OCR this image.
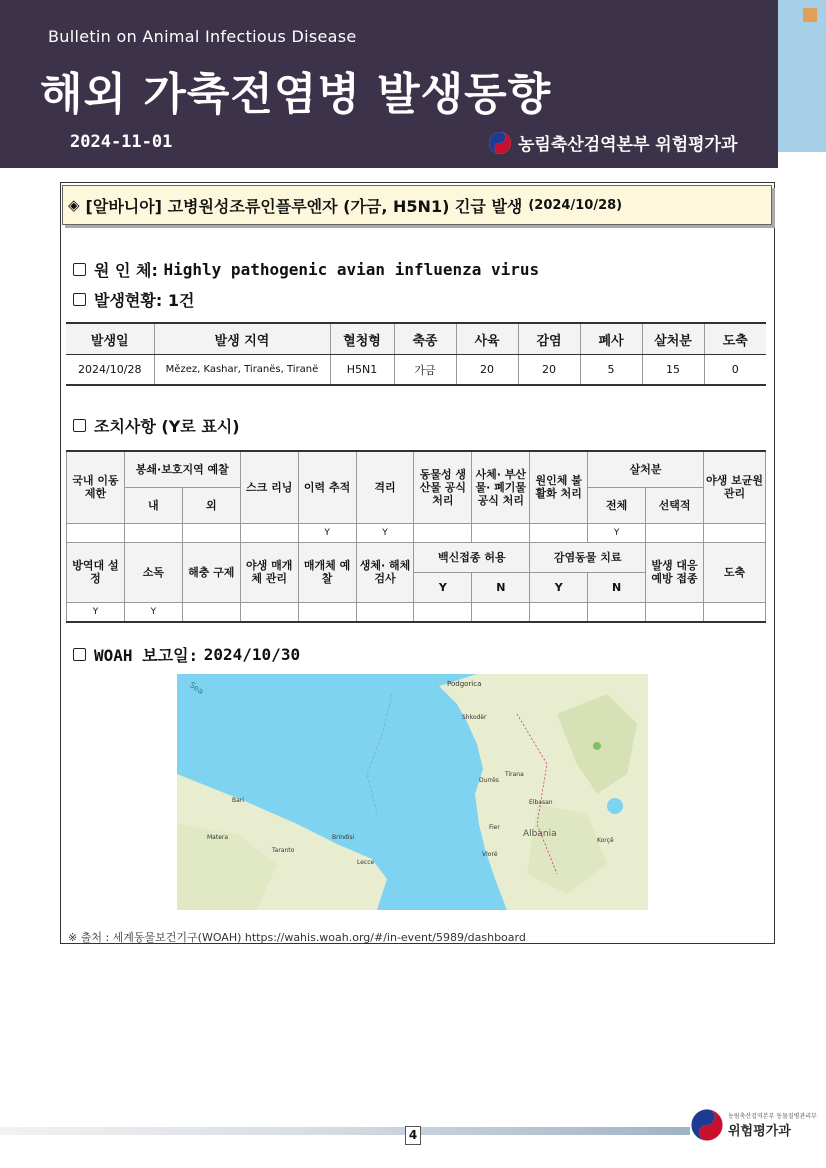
Bulletin on Animal Infectious Disease
해외 가축전염병 발생동향
2024-11-01	농림축산검역본부 위험평가과
◈ [알바니아] 고병원성조류인플루엔자 (가금, H5N1) 긴급 발생 (2024/10/28)
원 인 체:
Highly pathogenic avian influenza virus
발생현황:
1건
발생일	발생 지역	혈청형	축종	사육	감염	폐사	살처분	도축
2024/10/28	Mězez, Kashar, Tiranës, Tiranë	H5N1	가금	20	20	5	15	0
조치사항 (Y로 표시)
국내 이동 제한	봉쇄·보호지역 예찰		스크 리닝	이력 추적	격리	동물성 생산물 공식 처리	사체· 부산물· 폐기물 공식 처리	원인체 불활화 처리	살처분		야생 보균원 관리
	내	외							전체	선택적	
				Y	Y				Y		
방역대 설정	소독	해충 구제	야생 매개체 관리	매개체 예찰	생체· 해체 검사	백신접종 허용		감염동물 치료		발생 대응 예방 접종	도축
						Y	N	Y	N		
Y	Y										
WOAH 보고일:
2024/10/30
Sea	Podgorica
Shkodër
Bari
Matera
Taranto
Brindisi
Lecce
Durrës
Tirana
Elbasan
Albania
Fier
Vlorë
Korçë
※ 출처 : 세계동물보건기구(WOAH) https://wahis.woah.org/#/in-event/5989/dashboard
4
농림축산검역본부 동물질병관리부
위험평가과
